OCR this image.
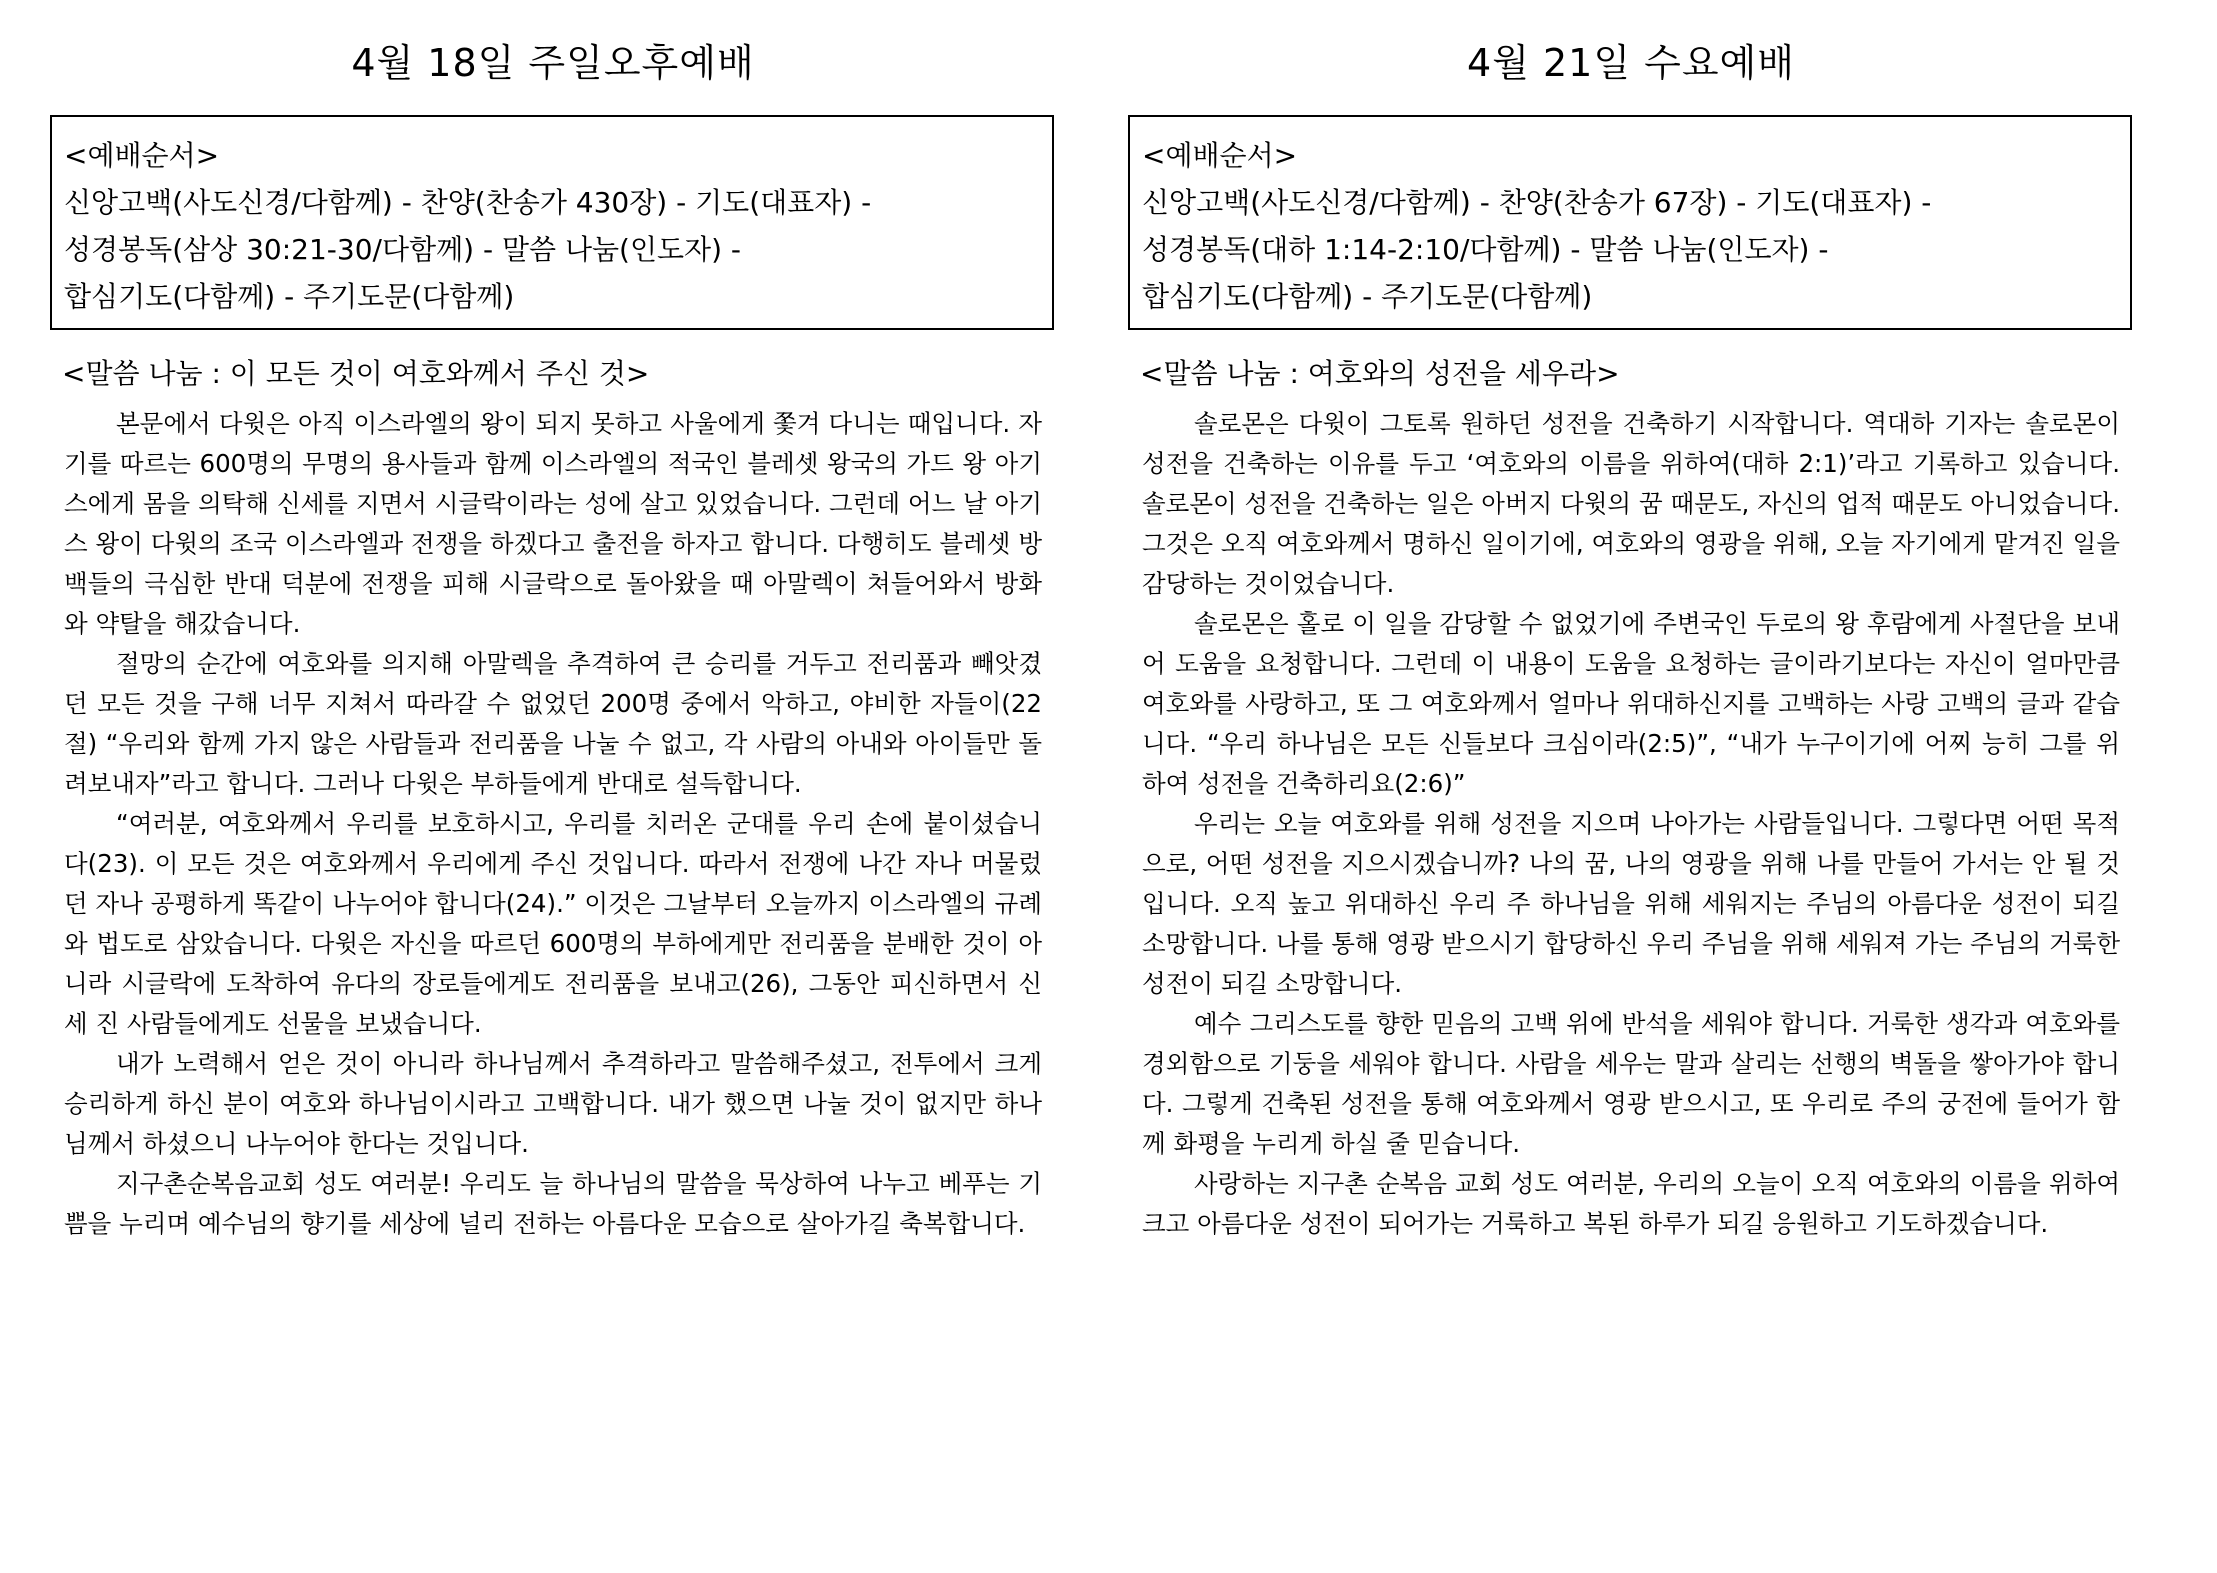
4월 18일 주일오후예배

<예배순서>

신앙고백(사도신경/다함께) - 찬양(찬송가 430장) - 기도(대표자) -

성경봉독(삼상 30:21-30/다함께) - 말씀 나눔(인도자) -

합심기도(다함께) - 주기도문(다함께)

<말씀 나눔 : 이 모든 것이 여호와께서 주신 것>

본문에서 다윗은 아직 이스라엘의 왕이 되지 못하고 사울에게 쫓겨 다니는 때입니다. 자기를 따르는 600명의 무명의 용사들과 함께 이스라엘의 적국인 블레셋 왕국의 가드 왕 아기스에게 몸을 의탁해 신세를 지면서 시글락이라는 성에 살고 있었습니다. 그런데 어느 날 아기스 왕이 다윗의 조국 이스라엘과 전쟁을 하겠다고 출전을 하자고 합니다. 다행히도 블레셋 방백들의 극심한 반대 덕분에 전쟁을 피해 시글락으로 돌아왔을 때 아말렉이 쳐들어와서 방화와 약탈을 해갔습니다.

절망의 순간에 여호와를 의지해 아말렉을 추격하여 큰 승리를 거두고 전리품과 빼앗겼던 모든 것을 구해 너무 지쳐서 따라갈 수 없었던 200명 중에서 악하고, 야비한 자들이(22절) “우리와 함께 가지 않은 사람들과 전리품을 나눌 수 없고, 각 사람의 아내와 아이들만 돌려보내자”라고 합니다. 그러나 다윗은 부하들에게 반대로 설득합니다.

“여러분, 여호와께서 우리를 보호하시고, 우리를 치러온 군대를 우리 손에 붙이셨습니다(23). 이 모든 것은 여호와께서 우리에게 주신 것입니다. 따라서 전쟁에 나간 자나 머물렀던 자나 공평하게 똑같이 나누어야 합니다(24).” 이것은 그날부터 오늘까지 이스라엘의 규례와 법도로 삼았습니다. 다윗은 자신을 따르던 600명의 부하에게만 전리품을 분배한 것이 아니라 시글락에 도착하여 유다의 장로들에게도 전리품을 보내고(26), 그동안 피신하면서 신세 진 사람들에게도 선물을 보냈습니다.

내가 노력해서 얻은 것이 아니라 하나님께서 추격하라고 말씀해주셨고, 전투에서 크게 승리하게 하신 분이 여호와 하나님이시라고 고백합니다. 내가 했으면 나눌 것이 없지만 하나님께서 하셨으니 나누어야 한다는 것입니다.

지구촌순복음교회 성도 여러분! 우리도 늘 하나님의 말씀을 묵상하여 나누고 베푸는 기쁨을 누리며 예수님의 향기를 세상에 널리 전하는 아름다운 모습으로 살아가길 축복합니다.

4월 21일 수요예배

<예배순서>

신앙고백(사도신경/다함께) - 찬양(찬송가 67장) - 기도(대표자) -

성경봉독(대하 1:14-2:10/다함께) - 말씀 나눔(인도자) -

합심기도(다함께) - 주기도문(다함께)

<말씀 나눔 : 여호와의 성전을 세우라>

솔로몬은 다윗이 그토록 원하던 성전을 건축하기 시작합니다. 역대하 기자는 솔로몬이 성전을 건축하는 이유를 두고 ‘여호와의 이름을 위하여(대하 2:1)’라고 기록하고 있습니다. 솔로몬이 성전을 건축하는 일은 아버지 다윗의 꿈 때문도, 자신의 업적 때문도 아니었습니다. 그것은 오직 여호와께서 명하신 일이기에, 여호와의 영광을 위해, 오늘 자기에게 맡겨진 일을 감당하는 것이었습니다.

솔로몬은 홀로 이 일을 감당할 수 없었기에 주변국인 두로의 왕 후람에게 사절단을 보내어 도움을 요청합니다. 그런데 이 내용이 도움을 요청하는 글이라기보다는 자신이 얼마만큼 여호와를 사랑하고, 또 그 여호와께서 얼마나 위대하신지를 고백하는 사랑 고백의 글과 같습니다. “우리 하나님은 모든 신들보다 크심이라(2:5)”, “내가 누구이기에 어찌 능히 그를 위하여 성전을 건축하리요(2:6)”

우리는 오늘 여호와를 위해 성전을 지으며 나아가는 사람들입니다. 그렇다면 어떤 목적으로, 어떤 성전을 지으시겠습니까? 나의 꿈, 나의 영광을 위해 나를 만들어 가서는 안 될 것입니다. 오직 높고 위대하신 우리 주 하나님을 위해 세워지는 주님의 아름다운 성전이 되길 소망합니다. 나를 통해 영광 받으시기 합당하신 우리 주님을 위해 세워져 가는 주님의 거룩한 성전이 되길 소망합니다.

예수 그리스도를 향한 믿음의 고백 위에 반석을 세워야 합니다. 거룩한 생각과 여호와를 경외함으로 기둥을 세워야 합니다. 사람을 세우는 말과 살리는 선행의 벽돌을 쌓아가야 합니다. 그렇게 건축된 성전을 통해 여호와께서 영광 받으시고, 또 우리로 주의 궁전에 들어가 함께 화평을 누리게 하실 줄 믿습니다.

사랑하는 지구촌 순복음 교회 성도 여러분, 우리의 오늘이 오직 여호와의 이름을 위하여 크고 아름다운 성전이 되어가는 거룩하고 복된 하루가 되길 응원하고 기도하겠습니다.
